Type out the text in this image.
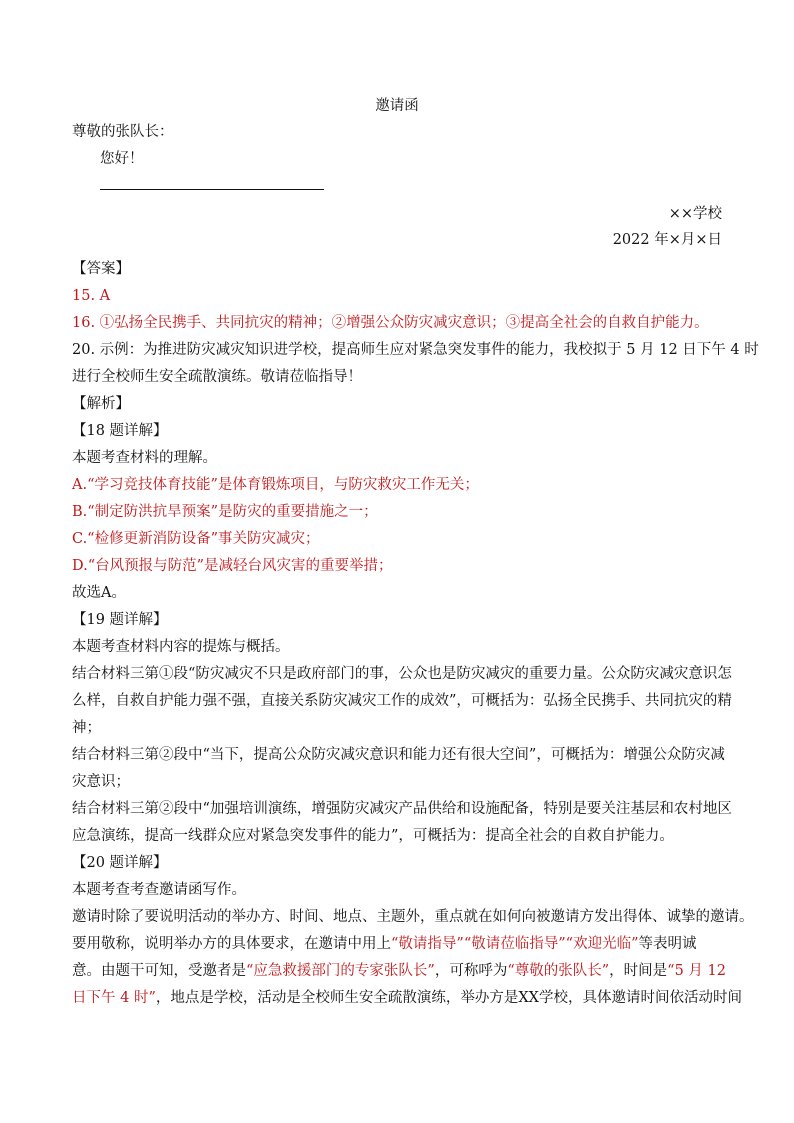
邀请函
尊敬的张队长：
您好！
××学校
2022 年×月×日
【答案】
15. A
16. ①弘扬全民携手、共同抗灾的精神；②增强公众防灾减灾意识；③提高全社会的自救自护能力。
20. 示例：为推进防灾减灾知识进学校，提高师生应对紧急突发事件的能力，我校拟于 5 月 12 日下午 4 时
进行全校师生安全疏散演练。敬请莅临指导！
【解析】
【18 题详解】
本题考查材料的理解。
A.“学习竞技体育技能”是体育锻炼项目，与防灾救灾工作无关；
B.“制定防洪抗旱预案”是防灾的重要措施之一；
C.“检修更新消防设备”事关防灾减灾；
D.“台风预报与防范”是减轻台风灾害的重要举措；
故选A。
【19 题详解】
本题考查材料内容的提炼与概括。
结合材料三第①段“防灾减灾不只是政府部门的事，公众也是防灾减灾的重要力量。公众防灾减灾意识怎
么样，自救自护能力强不强，直接关系防灾减灾工作的成效”，可概括为：弘扬全民携手、共同抗灾的精
神；
结合材料三第②段中“当下，提高公众防灾减灾意识和能力还有很大空间”，可概括为：增强公众防灾减
灾意识；
结合材料三第②段中“加强培训演练，增强防灾减灾产品供给和设施配备，特别是要关注基层和农村地区
应急演练，提高一线群众应对紧急突发事件的能力”，可概括为：提高全社会的自救自护能力。
【20 题详解】
本题考查考查邀请函写作。
邀请时除了要说明活动的举办方、时间、地点、主题外，重点就在如何向被邀请方发出得体、诚挚的邀请。
要用敬称，说明举办方的具体要求，在邀请中用上“敬请指导”“敬请莅临指导”“欢迎光临”等表明诚
意。由题干可知，受邀者是“应急救援部门的专家张队长”，可称呼为“尊敬的张队长”，时间是“5 月 12
日下午 4 时”，地点是学校，活动是全校师生安全疏散演练，举办方是XX学校，具体邀请时间依活动时间
